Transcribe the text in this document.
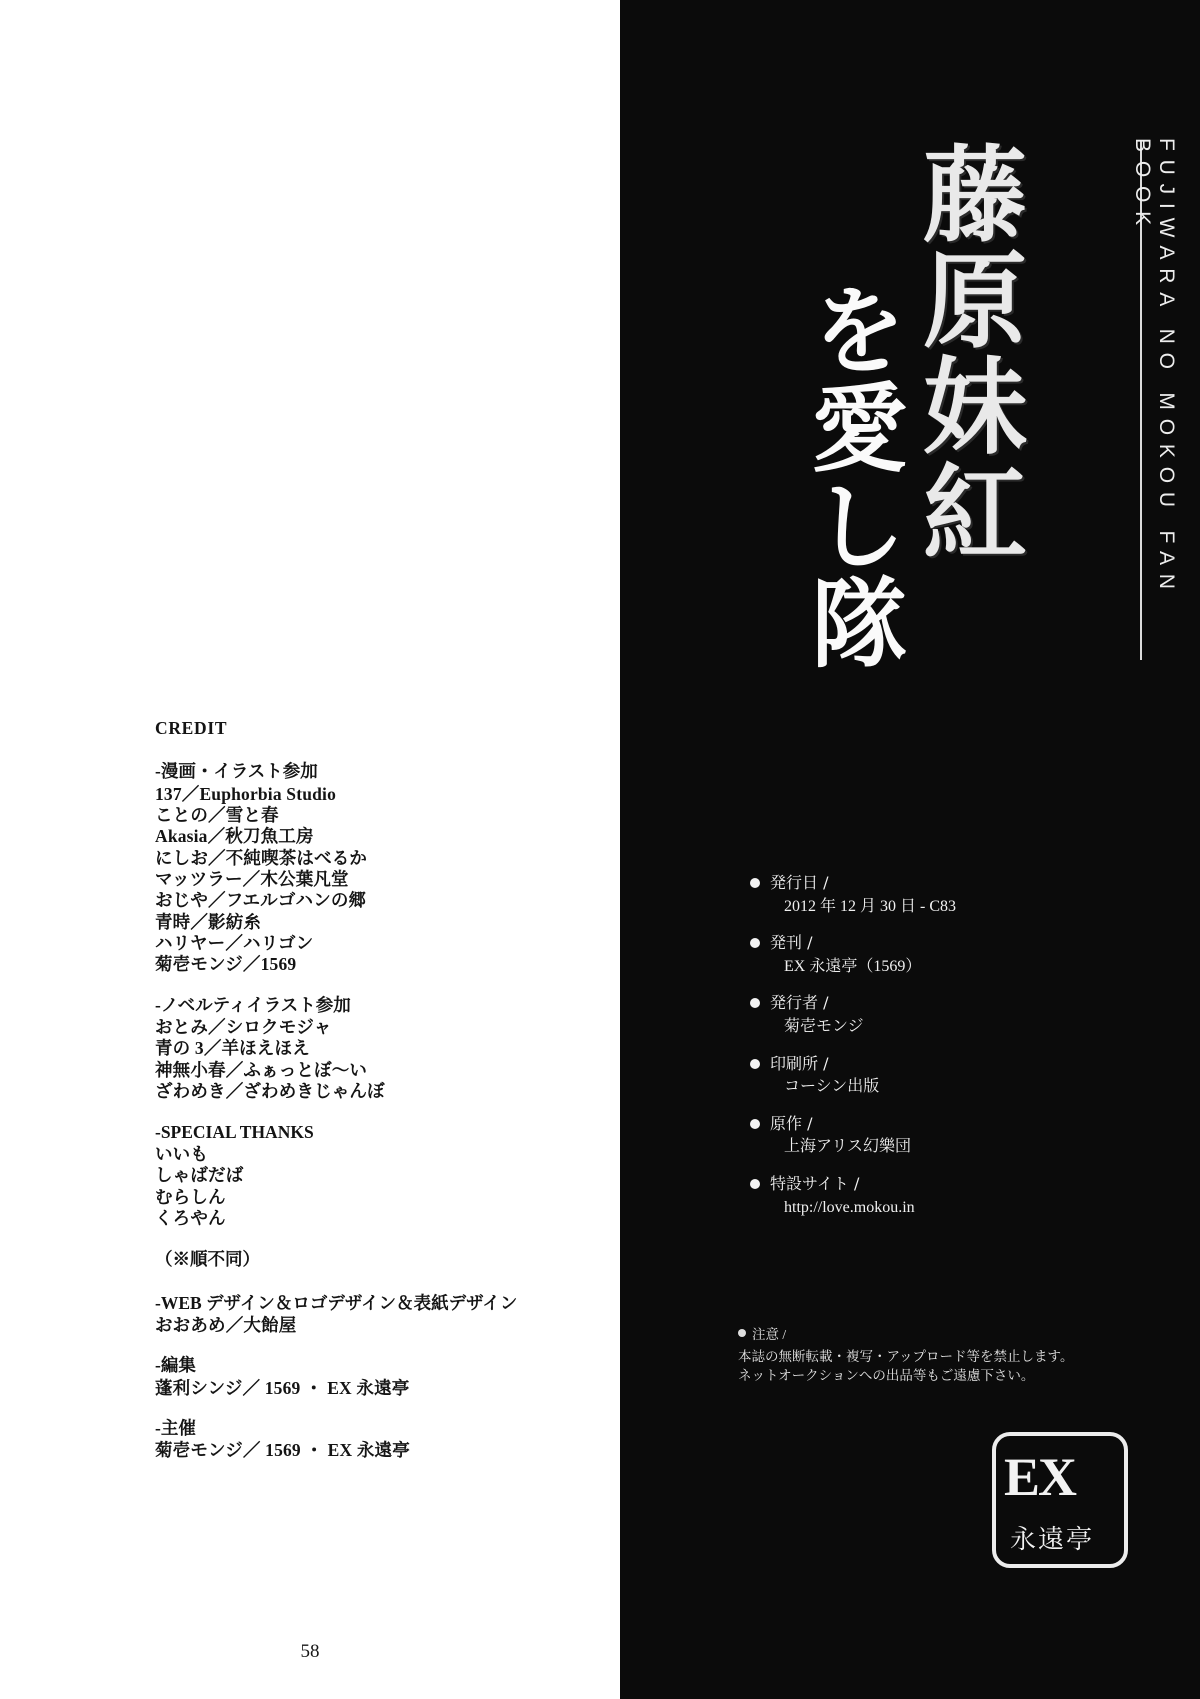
CREDIT
-漫画・イラスト参加
137／Euphorbia Studio
ことの／雪と春
Akasia／秋刀魚工房
にしお／不純喫茶はべるか
マッツラー／木公葉凡堂
おじや／フエルゴハンの郷
青時／影紡糸
ハリヤー／ハリゴン
菊壱モンジ／1569
-ノベルティイラスト参加
おとみ／シロクモジャ
青の 3／羊ほえほえ
神無小春／ふぁっとぼ〜い
ざわめき／ざわめきじゃんぼ
-SPECIAL THANKS
いいも
しゃばだば
むらしん
くろやん
（※順不同）
-WEB デザイン＆ロゴデザイン＆表紙デザイン
おおあめ／大飴屋
-編集
蓬利シンジ／ 1569 ・ EX 永遠亭
-主催
菊壱モンジ／ 1569 ・ EX 永遠亭
58
FUJIWARA NO MOKOU FAN BOOK
藤原妹紅
を愛し隊
発行日 /
2012 年 12 月 30 日 - C83
発刊 /
EX 永遠亭（1569）
発行者 /
菊壱モンジ
印刷所 /
コーシン出版
原作 /
上海アリス幻樂団
特設サイト /
http://love.mokou.in
注意 /
本誌の無断転載・複写・アップロード等を禁止します。
ネットオークションへの出品等もご遠慮下さい。
EX
永遠亭
